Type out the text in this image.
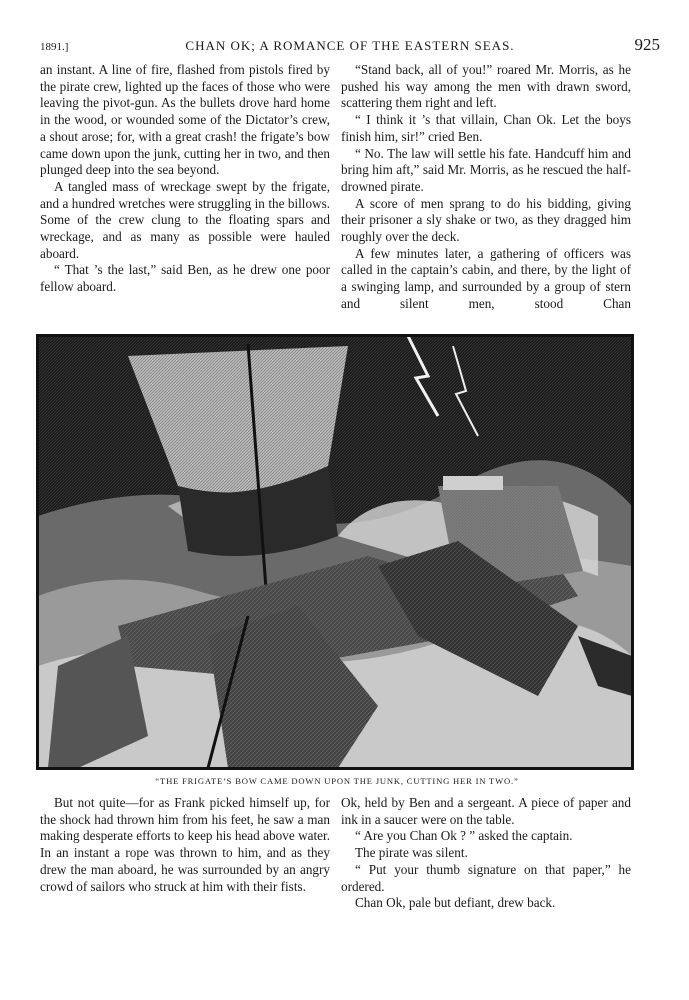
1891.]	CHAN OK; A ROMANCE OF THE EASTERN SEAS.	925

an instant. A line of fire, flashed from pistols fired by the pirate crew, lighted up the faces of those who were leaving the pivot-gun. As the bullets drove hard home in the wood, or wounded some of the Dictator’s crew, a shout arose; for, with a great crash! the frigate’s bow came down upon the junk, cutting her in two, and then plunged deep into the sea beyond.

A tangled mass of wreckage swept by the frigate, and a hundred wretches were struggling in the billows. Some of the crew clung to the floating spars and wreckage, and as many as possible were hauled aboard.

“ That ’s the last,” said Ben, as he drew one poor fellow aboard.

“Stand back, all of you!” roared Mr. Morris, as he pushed his way among the men with drawn sword, scattering them right and left.

“ I think it ’s that villain, Chan Ok. Let the boys finish him, sir!” cried Ben.

“ No. The law will settle his fate. Handcuff him and bring him aft,” said Mr. Morris, as he rescued the half-drowned pirate.

A score of men sprang to do his bidding, giving their prisoner a sly shake or two, as they dragged him roughly over the deck.

A few minutes later, a gathering of officers was called in the captain’s cabin, and there, by the light of a swinging lamp, and surrounded by a group of stern and silent men, stood Chan

“THE FRIGATE’S BOW CAME DOWN UPON THE JUNK, CUTTING HER IN TWO.”

But not quite—for as Frank picked himself up, for the shock had thrown him from his feet, he saw a man making desperate efforts to keep his head above water. In an instant a rope was thrown to him, and as they drew the man aboard, he was surrounded by an angry crowd of sailors who struck at him with their fists.

Ok, held by Ben and a sergeant. A piece of paper and ink in a saucer were on the table.

“ Are you Chan Ok ? ” asked the captain.

The pirate was silent.

“ Put your thumb signature on that paper,” he ordered.

Chan Ok, pale but defiant, drew back.
